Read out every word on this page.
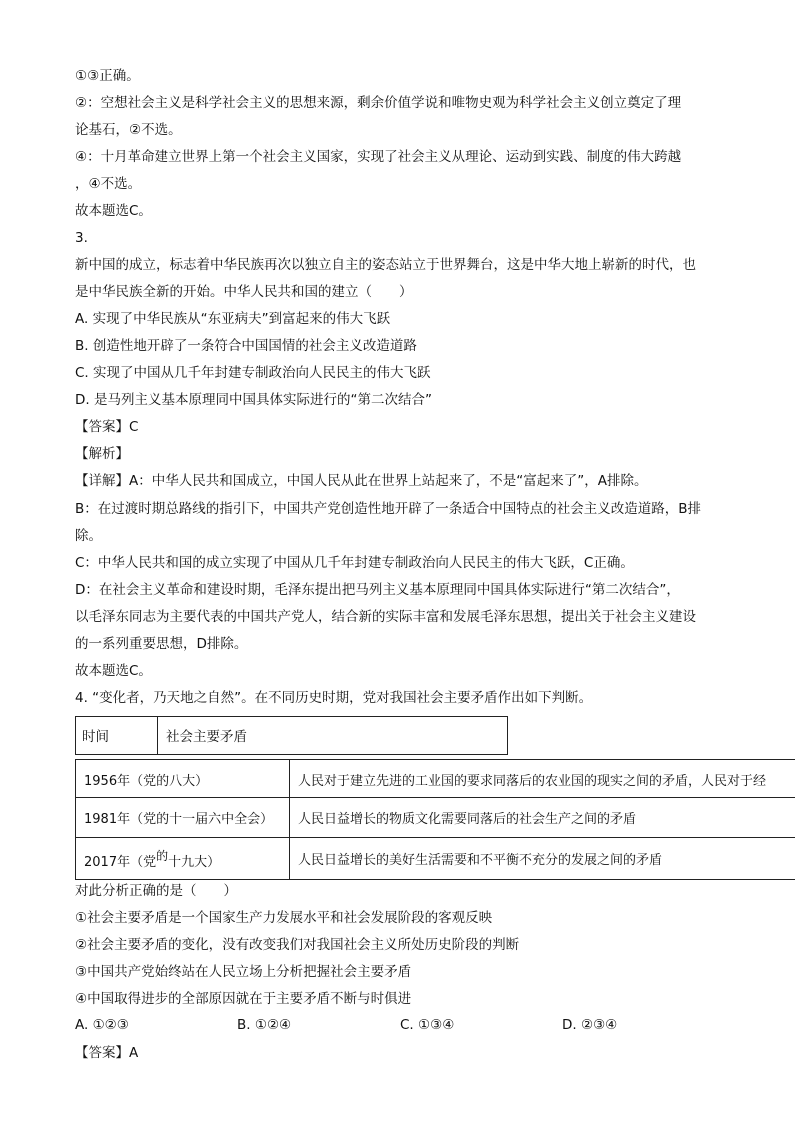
①③正确。
②：空想社会主义是科学社会主义的思想来源，剩余价值学说和唯物史观为科学社会主义创立奠定了理
论基石，②不选。
④：十月革命建立世界上第一个社会主义国家，实现了社会主义从理论、运动到实践、制度的伟大跨越
，④不选。
故本题选C。
3.
新中国的成立，标志着中华民族再次以独立自主的姿态站立于世界舞台，这是中华大地上崭新的时代，也
是中华民族全新的开始。中华人民共和国的建立（　　）
A. 实现了中华民族从“东亚病夫”到富起来的伟大飞跃
B. 创造性地开辟了一条符合中国国情的社会主义改造道路
C. 实现了中国从几千年封建专制政治向人民民主的伟大飞跃
D. 是马列主义基本原理同中国具体实际进行的“第二次结合”
【答案】C
【解析】
【详解】A：中华人民共和国成立，中国人民从此在世界上站起来了，不是“富起来了”，A排除。
B：在过渡时期总路线的指引下，中国共产党创造性地开辟了一条适合中国特点的社会主义改造道路，B排
除。
C：中华人民共和国的成立实现了中国从几千年封建专制政治向人民民主的伟大飞跃，C正确。
D：在社会主义革命和建设时期，毛泽东提出把马列主义基本原理同中国具体实际进行“第二次结合”，
以毛泽东同志为主要代表的中国共产党人，结合新的实际丰富和发展毛泽东思想，提出关于社会主义建设
的一系列重要思想，D排除。
故本题选C。
4. “变化者，乃天地之自然”。在不同历史时期，党对我国社会主要矛盾作出如下判断。
时间	社会主要矛盾
1956年（党的八大）	人民对于建立先进的工业国的要求同落后的农业国的现实之间的矛盾，人民对于经
1981年（党的十一届六中全会） 人民日益增长的物质文化需要同落后的社会生产之间的矛盾
2017年（党的十九大）	人民日益增长的美好生活需要和不平衡不充分的发展之间的矛盾
对此分析正确的是（　　）
①社会主要矛盾是一个国家生产力发展水平和社会发展阶段的客观反映
②社会主要矛盾的变化，没有改变我们对我国社会主义所处历史阶段的判断
③中国共产党始终站在人民立场上分析把握社会主要矛盾
④中国取得进步的全部原因就在于主要矛盾不断与时俱进
A. ①②③	B. ①②④	C. ①③④	D. ②③④
【答案】A
